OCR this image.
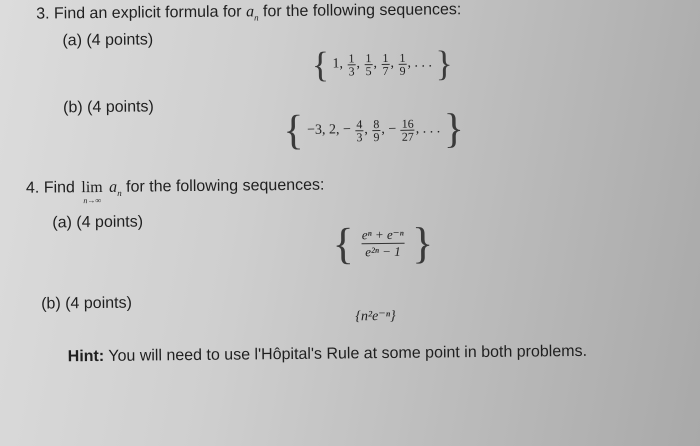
3. Find an explicit formula for $a_n$ for the following sequences:
(a) (4 points)
{ 1, $\frac{1}{3}$ , $\frac{1}{5}$ , $\frac{1}{7}$ , $\frac{1}{9}$ , . . . }
(b) (4 points)
{ −3, 2, − $\frac{4}{3}$ , $\frac{8}{9}$ , − $\frac{16}{27}$ , . . . }
4. Find lim
n→∞
$a_n$ for the following sequences:
(a) (4 points)	{ $\frac{\text{eⁿ + e⁻ⁿ}}{\text{e²ⁿ − 1}}$ }
(b) (4 points)
{n²e⁻ⁿ}
Hint: You will need to use l'Hôpital's Rule at some point in both problems.
